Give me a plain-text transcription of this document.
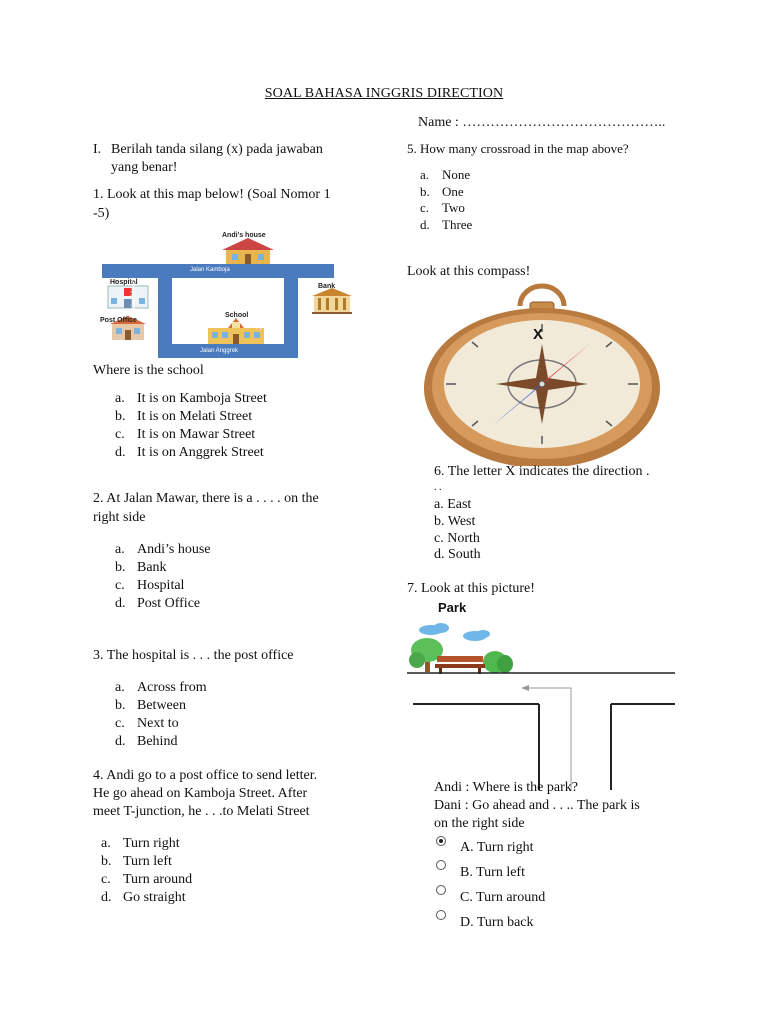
SOAL BAHASA INGGRIS DIRECTION
Name : ……………………………………..
I. Berilah tanda silang (x) pada jawaban
yang benar!
1. Look at this map below! (Soal Nomor 1
-5)
Andi's house
Hospital
Bank
School
Post Office
Jalan Kamboja
Jalan Melati	Jalan Mawar
Jalan Anggrek
Where is the school
a. It is on Kamboja Street
b. It is on Melati Street
c. It is on Mawar Street
d. It is on Anggrek Street
2. At Jalan Mawar, there is a . . . . on the
right side
a. Andi’s house
b. Bank
c. Hospital
d. Post Office
3. The hospital is . . . the post office
a. Across from
b. Between
c. Next to
d. Behind
4. Andi go to a post office to send letter.
He go ahead on Kamboja Street. After
meet T-junction, he . . .to Melati Street
a. Turn right
b. Turn left
c. Turn around
d. Go straight
5. How many crossroad in the map above?
a. None
b. One
c. Two
d. Three
Look at this compass!
X
6. The letter X indicates the direction .
. .
a. East
b. West
c. North
d. South
7. Look at this picture!
Park
Andi : Where is the park?
Dani : Go ahead and . . .. The park is
on the right side
A. Turn right
B. Turn left
C. Turn around
D. Turn back
